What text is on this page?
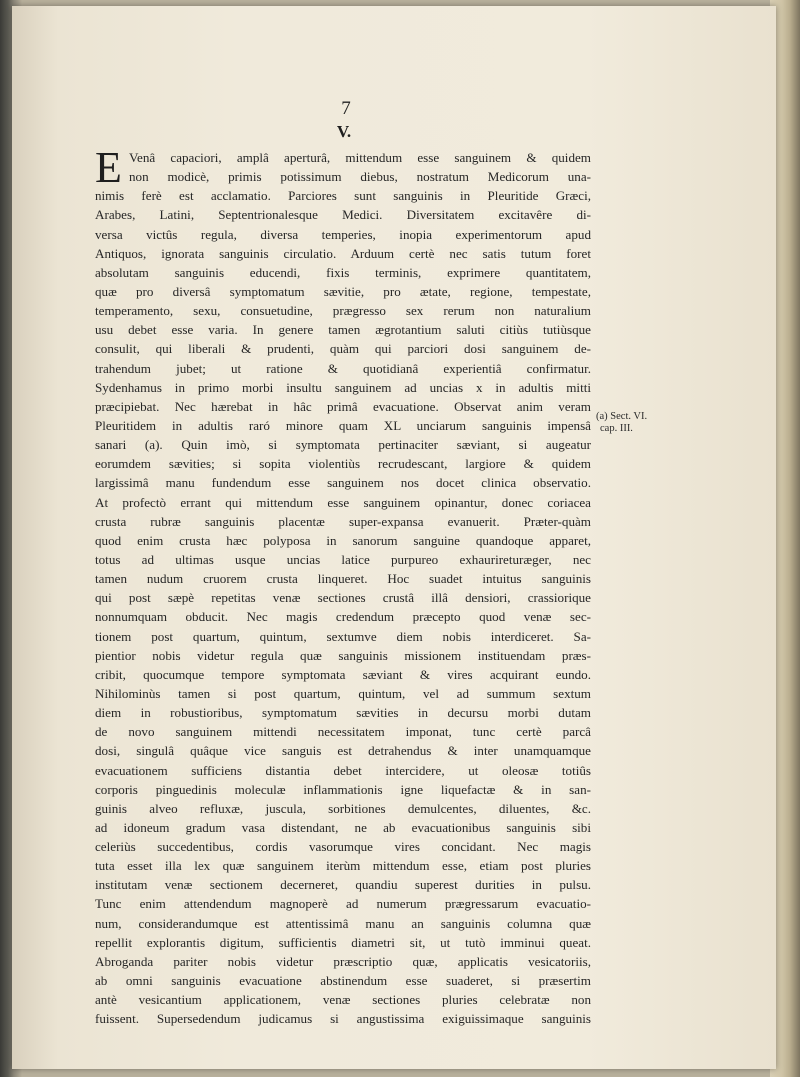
7
V.
E Venâ capaciori, amplâ aperturâ, mittendum esse sanguinem & quidem
non modicè, primis potissimum diebus, nostratum Medicorum una-
nimis ferè est acclamatio. Parciores sunt sanguinis in Pleuritide Græci,
Arabes, Latini, Septentrionalesque Medici. Diversitatem excitavêre di-
versa victûs regula, diversa temperies, inopia experimentorum apud
Antiquos, ignorata sanguinis circulatio. Arduum certè nec satis tutum foret
absolutam sanguinis educendi, fixis terminis, exprimere quantitatem,
quæ pro diversâ symptomatum sævitie, pro ætate, regione, tempestate,
temperamento, sexu, consuetudine, prægresso sex rerum non naturalium
usu debet esse varia. In genere tamen ægrotantium saluti citiùs tutiùsque
consulit, qui liberali & prudenti, quàm qui parciori dosi sanguinem de-
trahendum jubet; ut ratione & quotidianâ experientiâ confirmatur.
Sydenhamus in primo morbi insultu sanguinem ad uncias x in adultis mitti
præcipiebat. Nec hærebat in hâc primâ evacuatione. Observat anim veram
Pleuritidem in adultis raró minore quam XL unciarum sanguinis impensâ
sanari (a). Quin imò, si symptomata pertinaciter sæviant, si augeatur
eorumdem sævities; si sopita violentiùs recrudescant, largiore & quidem
largissimâ manu fundendum esse sanguinem nos docet clinica observatio.
At profectò errant qui mittendum esse sanguinem opinantur, donec coriacea
crusta rubræ sanguinis placentæ super-expansa evanuerit. Præter-quàm
quod enim crusta hæc polyposa in sanorum sanguine quandoque apparet,
totus ad ultimas usque uncias latice purpureo exhaurireturæger, nec
tamen nudum cruorem crusta linqueret. Hoc suadet intuitus sanguinis
qui post sæpè repetitas venæ sectiones crustâ illâ densiori, crassiorique
nonnumquam obducit. Nec magis credendum præcepto quod venæ sec-
tionem post quartum, quintum, sextumve diem nobis interdiceret. Sa-
pientior nobis videtur regula quæ sanguinis missionem instituendam præs-
cribit, quocumque tempore symptomata sæviant & vires acquirant eundo.
Nihilominùs tamen si post quartum, quintum, vel ad summum sextum
diem in robustioribus, symptomatum sævities in decursu morbi dutam
de novo sanguinem mittendi necessitatem imponat, tunc certè parcâ
dosi, singulâ quâque vice sanguis est detrahendus & inter unamquamque
evacuationem sufficiens distantia debet intercidere, ut oleosæ totiûs
corporis pinguedinis moleculæ inflammationis igne liquefactæ & in san-
guinis alveo refluxæ, juscula, sorbitiones demulcentes, diluentes, &c.
ad idoneum gradum vasa distendant, ne ab evacuationibus sanguinis sibi
celeriùs succedentibus, cordis vasorumque vires concidant. Nec magis
tuta esset illa lex quæ sanguinem iterùm mittendum esse, etiam post pluries
institutam venæ sectionem decerneret, quandiu superest durities in pulsu.
Tunc enim attendendum magnoperè ad numerum prægressarum evacuatio-
num, considerandumque est attentissimâ manu an sanguinis columna quæ
repellit explorantis digitum, sufficientis diametri sit, ut tutò imminui queat.
Abroganda pariter nobis videtur præscriptio quæ, applicatis vesicatoriis,
ab omni sanguinis evacuatione abstinendum esse suaderet, si præsertim
antè vesicantium applicationem, venæ sectiones pluries celebratæ non
fuissent. Supersedendum judicamus si angustissima exiguissimaque sanguinis
(a) Sect. VI.
cap. III.
